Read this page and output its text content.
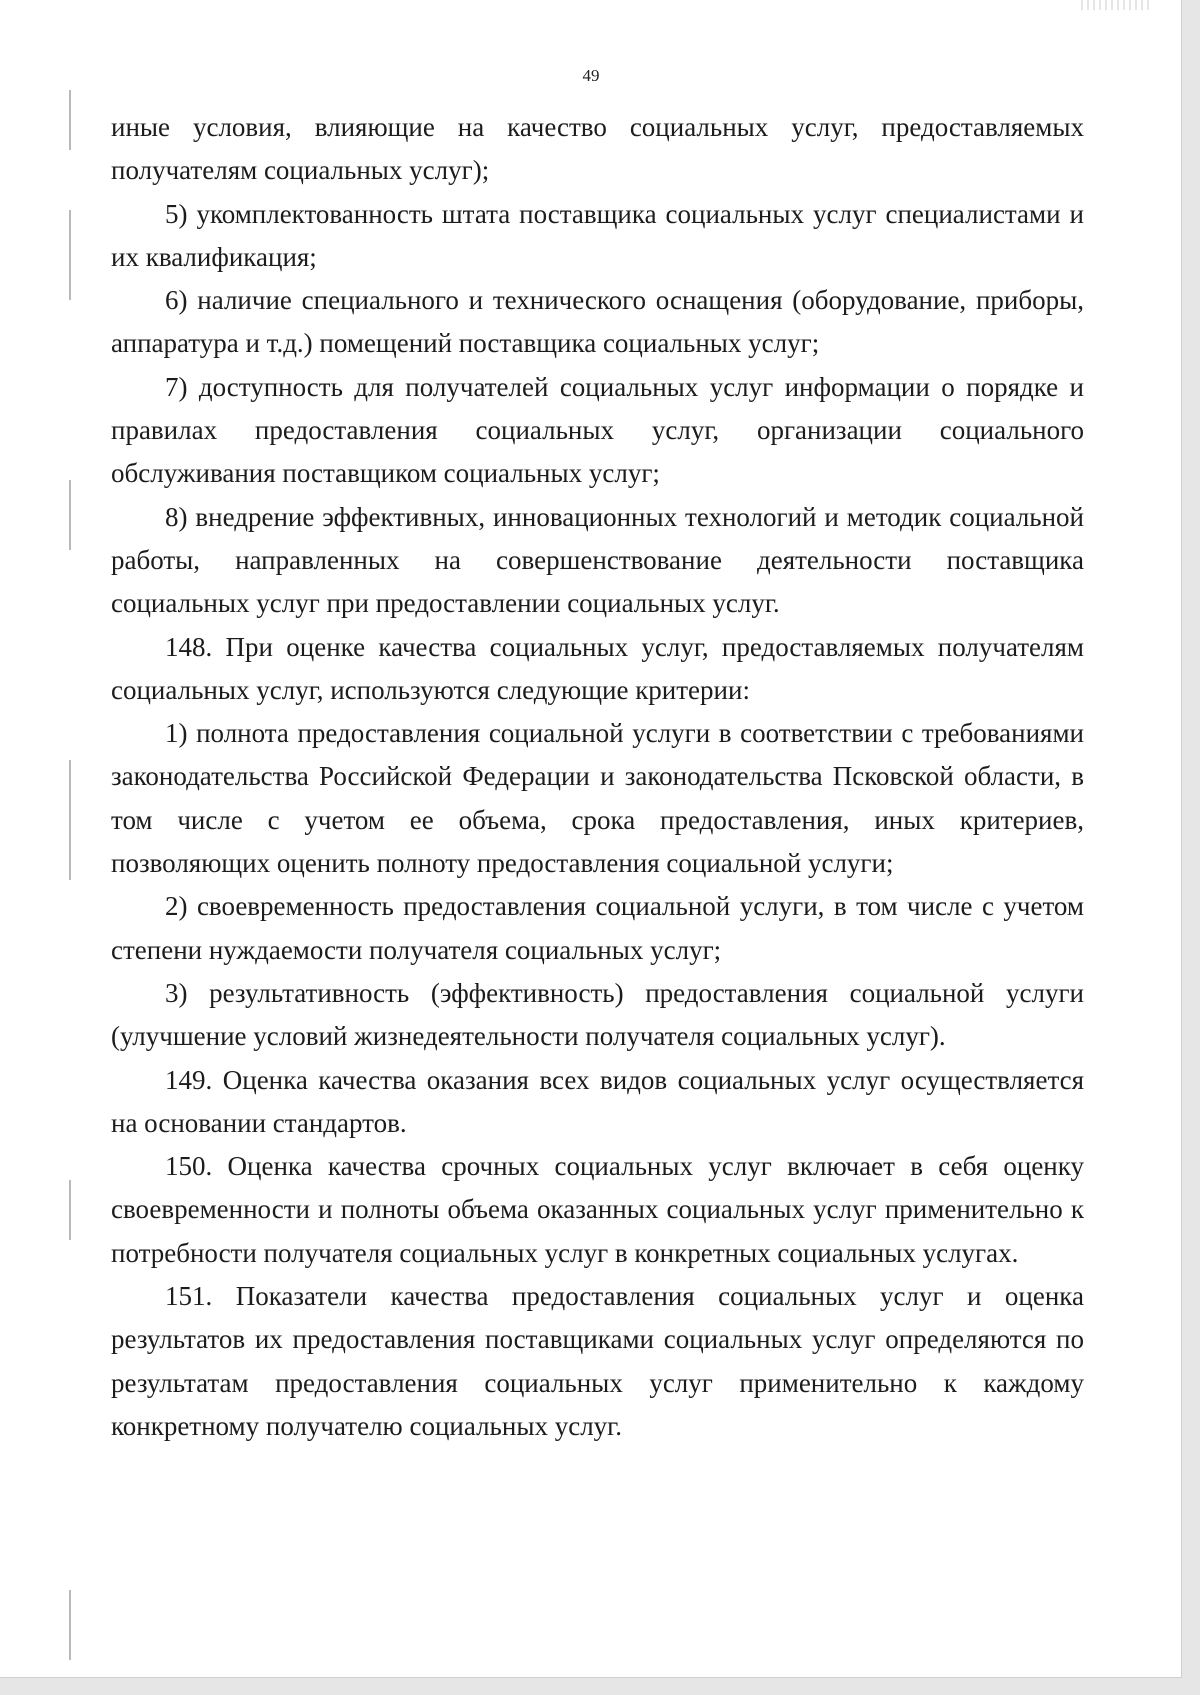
49

иные условия, влияющие на качество социальных услуг, предоставляемых получателям социальных услуг);

5) укомплектованность штата поставщика социальных услуг специалистами и их квалификация;

6) наличие специального и технического оснащения (оборудование, приборы, аппаратура и т.д.) помещений поставщика социальных услуг;

7) доступность для получателей социальных услуг информации о порядке и правилах предоставления социальных услуг, организации социального обслуживания поставщиком социальных услуг;

8) внедрение эффективных, инновационных технологий и методик социальной работы, направленных на совершенствование деятельности поставщика социальных услуг при предоставлении социальных услуг.

148. При оценке качества социальных услуг, предоставляемых получателям социальных услуг, используются следующие критерии:

1) полнота предоставления социальной услуги в соответствии с требованиями законодательства Российской Федерации и законодательства Псковской области, в том числе с учетом ее объема, срока предоставления, иных критериев, позволяющих оценить полноту предоставления социальной услуги;

2) своевременность предоставления социальной услуги, в том числе с учетом степени нуждаемости получателя социальных услуг;

3) результативность (эффективность) предоставления социальной услуги (улучшение условий жизнедеятельности получателя социальных услуг).

149. Оценка качества оказания всех видов социальных услуг осуществляется на основании стандартов.

150. Оценка качества срочных социальных услуг включает в себя оценку своевременности и полноты объема оказанных социальных услуг применительно к потребности получателя социальных услуг в конкретных социальных услугах.

151. Показатели качества предоставления социальных услуг и оценка результатов их предоставления поставщиками социальных услуг определяются по результатам предоставления социальных услуг применительно к каждому конкретному получателю социальных услуг.
